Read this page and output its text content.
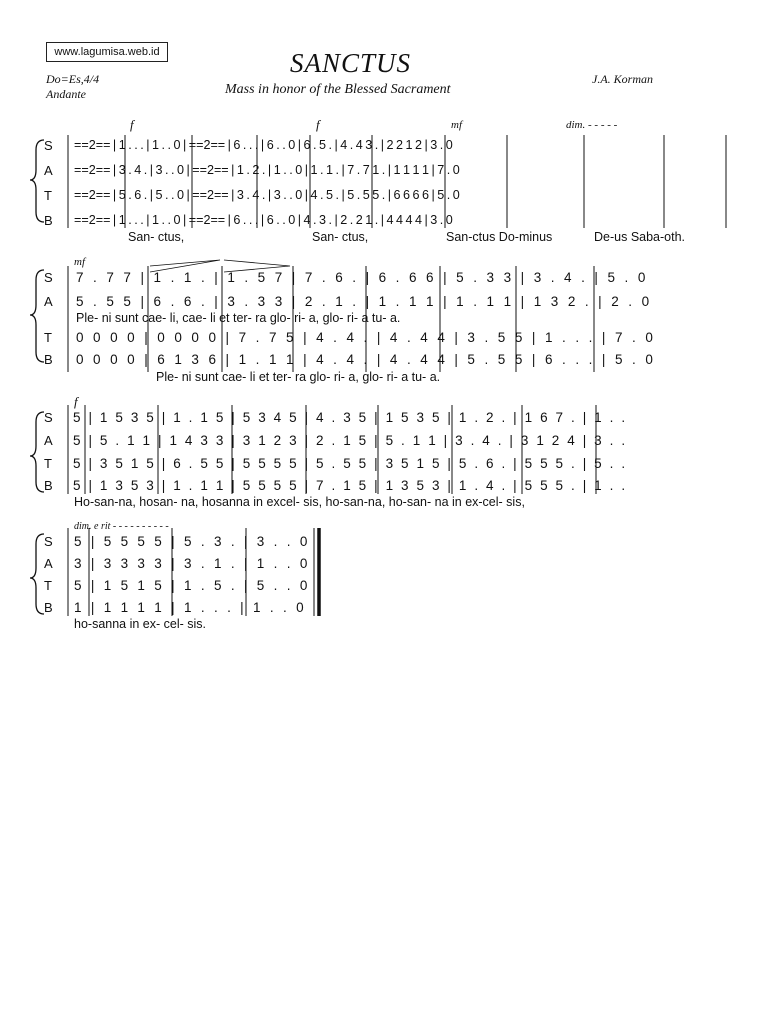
www.lagumisa.web.id	SANCTUS
Mass in honor of the Blessed Sacrament
Do=Es,4/4
Andante
J.A. Korman
f	f	mf	dim. - - - - -
S
A
T
B
==2== | 1 . . . | 1 . . 0 | ==2== | 6 . . . | 6 . . 0 | 6 . 5 . | 4 . 4 3 . | 2 2 1 2 | 3 . 0
==2== | 3 . 4 . | 3 . . 0 | ==2== | 1 . 2 . | 1 . . 0 | 1 . 1 . | 7 . 7 1 . | 1 1 1 1 | 7 . 0
==2== | 5 . 6 . | 5 . . 0 | ==2== | 3 . 4 . | 3 . . 0 | 4 . 5 . | 5 . 5 5 . | 6 6 6 6 | 5 . 0
==2== | 1 . . . | 1 . . 0 | ==2== | 6 . . . | 6 . . 0 | 4 . 3 . | 2 . 2 1 . | 4 4 4 4 | 3 . 0
San- ctus,	San- ctus,	San-ctus Do-minus	De-us Saba-oth.
mf
S
A
T
B
7 . 7 7 | 1 . 1 . | 1 . 5 7 | 7 . 6 . | 6 . 6 6 | 5 . 3 3 | 3 . 4 . | 5 . 0
5 . 5 5 | 6 . 6 . | 3 . 3 3 | 2 . 1 . | 1 . 1 1 | 1 . 1 1 | 1 3 2 . | 2 . 0
Ple- ni sunt cae- li, cae- li et ter- ra glo- ri- a, glo- ri- a tu- a.
0 0 0 0 | 0 0 0 0 | 7 . 7 5 | 4 . 4 . | 4 . 4 4 | 3 . 5 5 | 1 . . . | 7 . 0
0 0 0 0 | 6 1 3 6 | 1 . 1 1 | 4 . 4 . | 4 . 4 4 | 5 . 5 5 | 6 . . . | 5 . 0
Ple- ni sunt cae- li et ter- ra glo- ri- a, glo- ri- a tu- a.
f
S
A
T
B
5 | 1 5 3 5 | 1 . 1 5 | 5 3 4 5 | 4 . 3 5 | 1 5 3 5 | 1 . 2 . | 1 6 7 . | 1 . .
5 | 5 . 1 1 | 1 4 3 3 | 3 1 2 3 | 2 . 1 5 | 5 . 1 1 | 3 . 4 . | 3 1 2 4 | 3 . .
5 | 3 5 1 5 | 6 . 5 5 | 5 5 5 5 | 5 . 5 5 | 3 5 1 5 | 5 . 6 . | 5 5 5 . | 5 . .
5 | 1 3 5 3 | 1 . 1 1 | 5 5 5 5 | 7 . 1 5 | 1 3 5 3 | 1 . 4 . | 5 5 5 . | 1 . .
Ho-san-na, hosan- na, hosanna in excel- sis, ho-san-na, ho-san- na in ex-cel- sis,
dim. e rit - - - - - - - - - -
S
A
T
B
5 | 5 5 5 5 | 5 . 3 . | 3 . . 0
3 | 3 3 3 3 | 3 . 1 . | 1 . . 0
5 | 1 5 1 5 | 1 . 5 . | 5 . . 0
1 | 1 1 1 1 | 1 . . . | 1 . . 0
ho-sanna in ex- cel- sis.
